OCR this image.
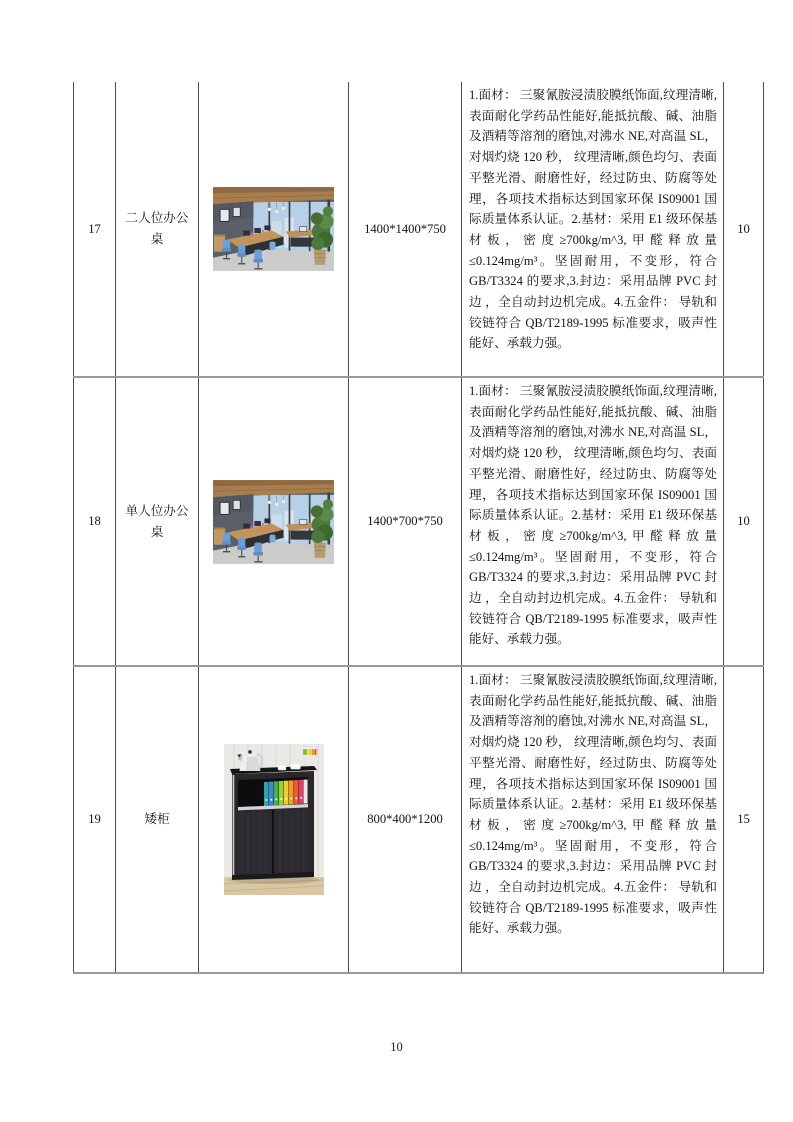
17	二人位办公桌		1400*1400*750	1.面材： 三聚氰胺浸渍胶膜纸饰面,纹理清晰,表面耐化学药品性能好,能抵抗酸、碱、油脂及酒精等溶剂的磨蚀,对沸水 NE,对高温 SL， 对烟灼烧 120 秒， 纹理清晰,颜色均匀、表面平整光滑、耐磨性好，经过防虫、防腐等处理，各项技术指标达到国家环保 IS09001 国际质量体系认证。2.基材：采用 E1 级环保基材板，密度≥700kg/m^3,甲醛释放量≤0.124mg/m³。坚固耐用，不变形，符合 GB/T3324 的要求,3.封边：采用品牌 PVC 封边 ，全自动封边机完成。4.五金件： 导轨和铰链符合 QB/T2189-1995 标准要求，吸声性能好、承载力强。	10
18	单人位办公桌		1400*700*750	1.面材： 三聚氰胺浸渍胶膜纸饰面,纹理清晰,表面耐化学药品性能好,能抵抗酸、碱、油脂及酒精等溶剂的磨蚀,对沸水 NE,对高温 SL， 对烟灼烧 120 秒， 纹理清晰,颜色均匀、表面平整光滑、耐磨性好，经过防虫、防腐等处理，各项技术指标达到国家环保 IS09001 国际质量体系认证。2.基材：采用 E1 级环保基材板，密度≥700kg/m^3,甲醛释放量≤0.124mg/m³。坚固耐用，不变形，符合 GB/T3324 的要求,3.封边：采用品牌 PVC 封边 ，全自动封边机完成。4.五金件： 导轨和铰链符合 QB/T2189-1995 标准要求，吸声性能好、承载力强。	10
19	矮柜		800*400*1200	1.面材： 三聚氰胺浸渍胶膜纸饰面,纹理清晰,表面耐化学药品性能好,能抵抗酸、碱、油脂及酒精等溶剂的磨蚀,对沸水 NE,对高温 SL， 对烟灼烧 120 秒， 纹理清晰,颜色均匀、表面平整光滑、耐磨性好，经过防虫、防腐等处理，各项技术指标达到国家环保 IS09001 国际质量体系认证。2.基材：采用 E1 级环保基材板，密度≥700kg/m^3,甲醛释放量≤0.124mg/m³。坚固耐用，不变形，符合 GB/T3324 的要求,3.封边：采用品牌 PVC 封边 ，全自动封边机完成。4.五金件： 导轨和铰链符合 QB/T2189-1995 标准要求，吸声性能好、承载力强。	15
10
